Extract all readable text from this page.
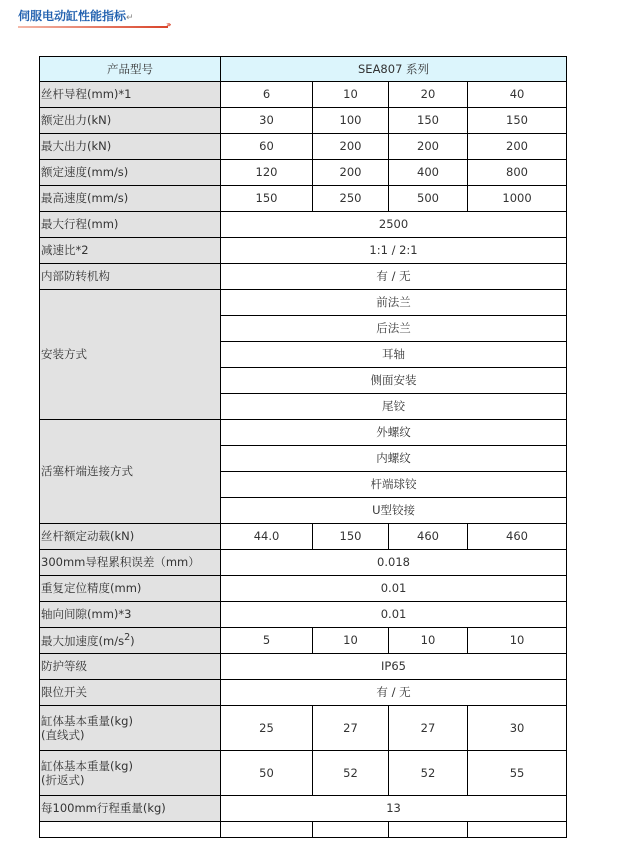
伺服电动缸性能指标↵
›››
产品型号	SEA807 系列			
丝杆导程(mm)*1	6	10	20	40
额定出力(kN)	30	100	150	150
最大出力(kN)	60	200	200	200
额定速度(mm/s)	120	200	400	800
最高速度(mm/s)	150	250	500	1000
最大行程(mm)	2500			
减速比*2	1:1 / 2:1			
内部防转机构	有 / 无			
安装方式	前法兰			
	后法兰			
	耳轴			
	侧面安装			
	尾铰			
活塞杆端连接方式	外螺纹			
	内螺纹			
	杆端球铰			
	U型铰接			
丝杆额定动载(kN)	44.0	150	460	460
300mm导程累积误差（mm）	0.018			
重复定位精度(mm)	0.01			
轴向间隙(mm)*3	0.01			
最大加速度$(m/s^2)$	5	10	10	10
防护等级	IP65			
限位开关	有 / 无			
缸体基本重量(kg)
(直线式)	25	27	27	30
缸体基本重量(kg)
(折返式)	50	52	52	55
每100mm行程重量(kg)	13			
